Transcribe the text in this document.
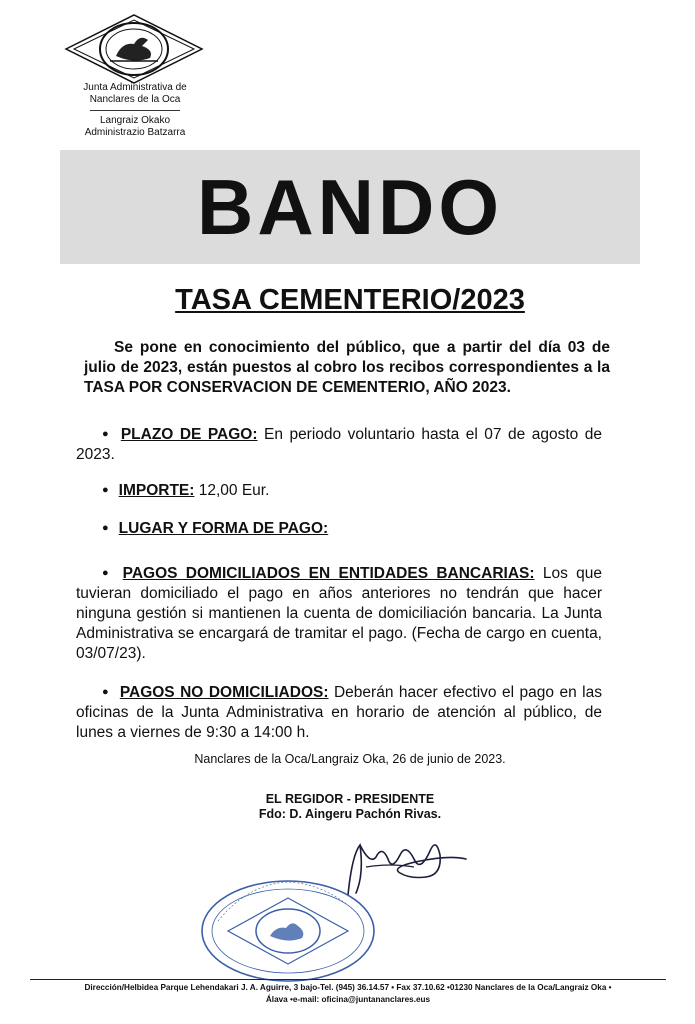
Junta Administrativa de
Nanclares de la Oca
Langraiz Okako
Administrazio Batzarra
BANDO
TASA CEMENTERIO/2023
Se pone en conocimiento del público, que a partir del día 03 de julio de 2023, están puestos al cobro los recibos correspondientes a la TASA POR CONSERVACION DE CEMENTERIO, AÑO 2023.
● PLAZO DE PAGO: En periodo voluntario hasta el 07 de agosto de 2023.
● IMPORTE: 12,00 Eur.
● LUGAR Y FORMA DE PAGO:
● PAGOS DOMICILIADOS EN ENTIDADES BANCARIAS: Los que tuvieran domiciliado el pago en años anteriores no tendrán que hacer ninguna gestión si mantienen la cuenta de domiciliación bancaria. La Junta Administrativa se encargará de tramitar el pago. (Fecha de cargo en cuenta, 03/07/23).
● PAGOS NO DOMICILIADOS: Deberán hacer efectivo el pago en las oficinas de la Junta Administrativa en horario de atención al público, de lunes a viernes de 9:30 a 14:00 h.
Nanclares de la Oca/Langraiz Oka, 26 de junio de 2023.
EL REGIDOR - PRESIDENTE
Fdo: D. Aingeru Pachón Rivas.
Dirección/Helbidea Parque Lehendakari J. A. Aguirre, 3 bajo-Tel. (945) 36.14.57 • Fax 37.10.62 •01230 Nanclares de la Oca/Langraiz Oka •
Álava •e-mail: oficina@juntananclares.eus
